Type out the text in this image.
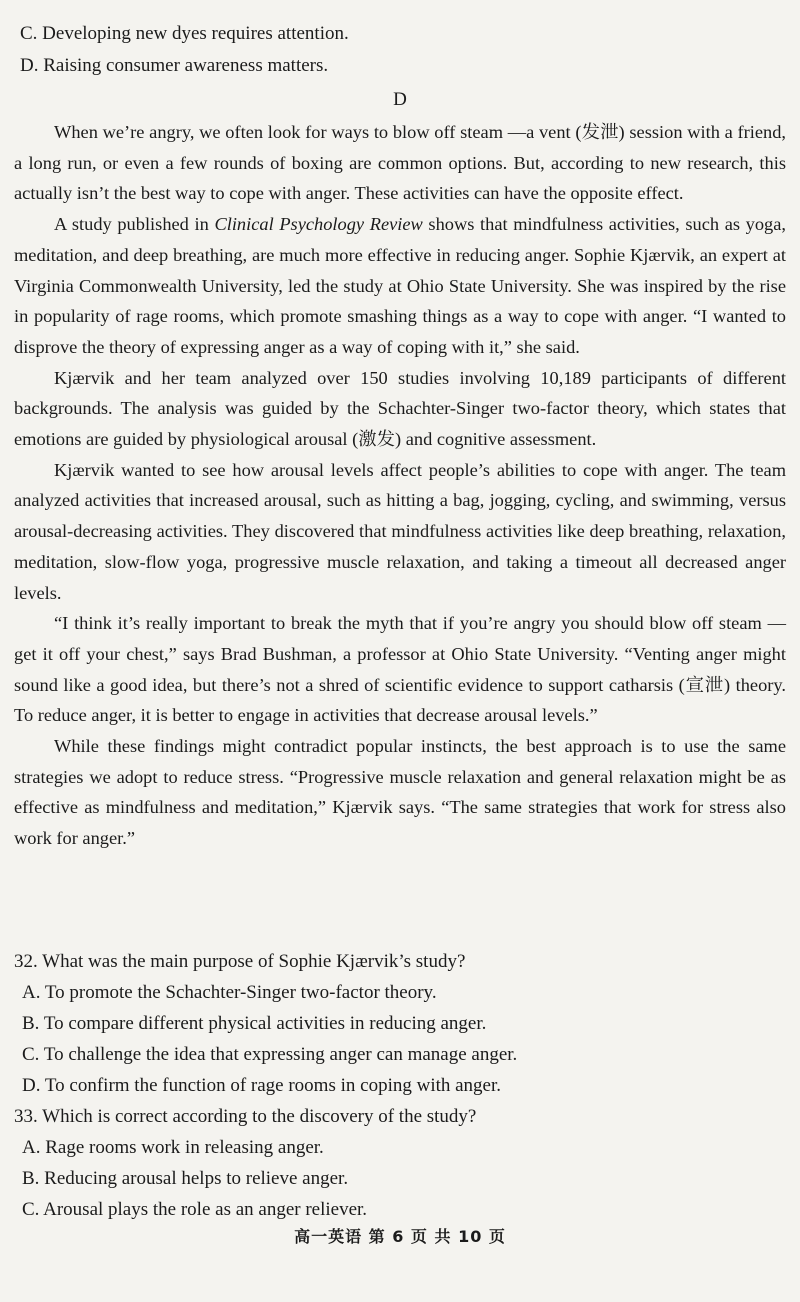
C. Developing new dyes requires attention.
D. Raising consumer awareness matters.
D

When we’re angry, we often look for ways to blow off steam —a vent (发泄) session with a friend, a long run, or even a few rounds of boxing are common options. But, according to new research, this actually isn’t the best way to cope with anger. These activities can have the opposite effect.

A study published in Clinical Psychology Review shows that mindfulness activities, such as yoga, meditation, and deep breathing, are much more effective in reducing anger. Sophie Kjærvik, an expert at Virginia Commonwealth University, led the study at Ohio State University. She was inspired by the rise in popularity of rage rooms, which promote smashing things as a way to cope with anger. “I wanted to disprove the theory of expressing anger as a way of coping with it,” she said.

Kjærvik and her team analyzed over 150 studies involving 10,189 participants of different backgrounds. The analysis was guided by the Schachter-Singer two-factor theory, which states that emotions are guided by physiological arousal (激发) and cognitive assessment.

Kjærvik wanted to see how arousal levels affect people’s abilities to cope with anger. The team analyzed activities that increased arousal, such as hitting a bag, jogging, cycling, and swimming, versus arousal-decreasing activities. They discovered that mindfulness activities like deep breathing, relaxation, meditation, slow-flow yoga, progressive muscle relaxation, and taking a timeout all decreased anger levels.

“I think it’s really important to break the myth that if you’re angry you should blow off steam — get it off your chest,” says Brad Bushman, a professor at Ohio State University. “Venting anger might sound like a good idea, but there’s not a shred of scientific evidence to support catharsis (宣泄) theory. To reduce anger, it is better to engage in activities that decrease arousal levels.”

While these findings might contradict popular instincts, the best approach is to use the same strategies we adopt to reduce stress. “Progressive muscle relaxation and general relaxation might be as effective as mindfulness and meditation,” Kjærvik says. “The same strategies that work for stress also work for anger.”

32. What was the main purpose of Sophie Kjærvik’s study?
A. To promote the Schachter-Singer two-factor theory.
B. To compare different physical activities in reducing anger.
C. To challenge the idea that expressing anger can manage anger.
D. To confirm the function of rage rooms in coping with anger.
33. Which is correct according to the discovery of the study?
A. Rage rooms work in releasing anger.
B. Reducing arousal helps to relieve anger.
C. Arousal plays the role as an anger reliever.
高一英语 第 6 页 共 10 页
